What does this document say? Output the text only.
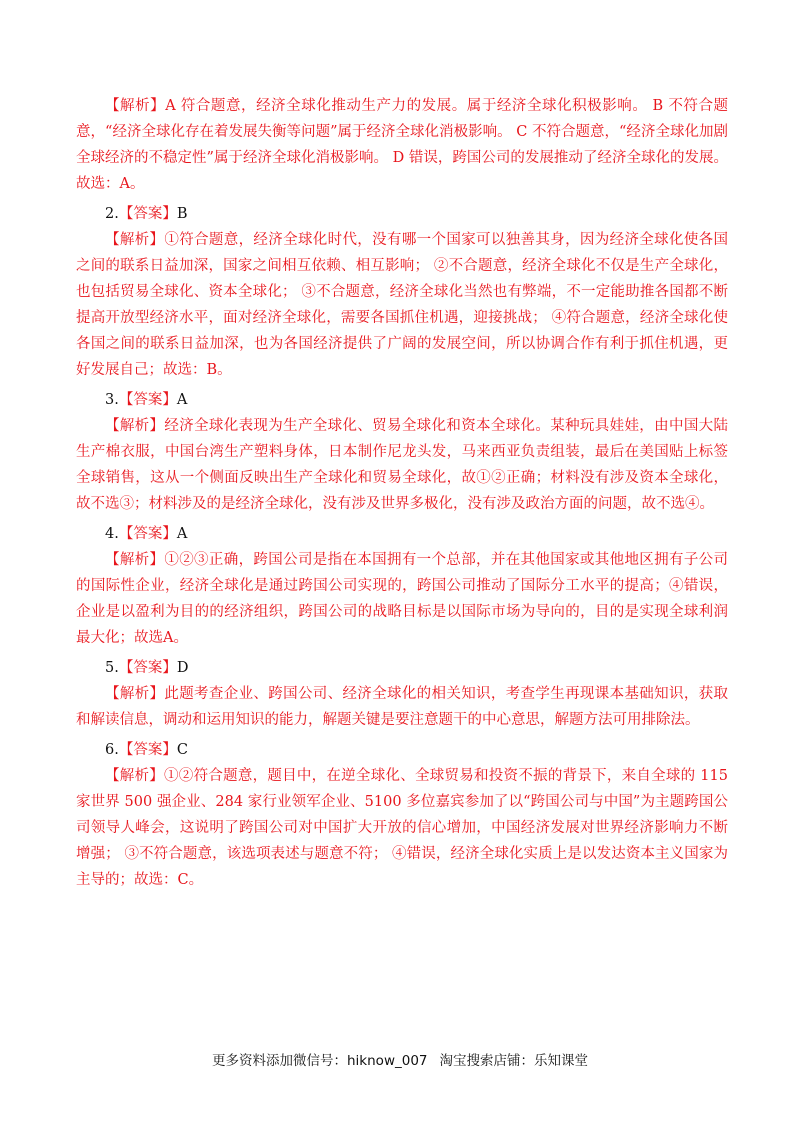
【解析】A 符合题意，经济全球化推动生产力的发展。属于经济全球化积极影响。 B 不符合题意，“经济全球化存在着发展失衡等问题”属于经济全球化消极影响。 C 不符合题意，“经济全球化加剧全球经济的不稳定性”属于经济全球化消极影响。 D 错误，跨国公司的发展推动了经济全球化的发展。 故选：A。

2.【答案】B

【解析】①符合题意，经济全球化时代，没有哪一个国家可以独善其身，因为经济全球化使各国之间的联系日益加深，国家之间相互依赖、相互影响； ②不合题意，经济全球化不仅是生产全球化，也包括贸易全球化、资本全球化； ③不合题意，经济全球化当然也有弊端，不一定能助推各国都不断提高开放型经济水平，面对经济全球化，需要各国抓住机遇，迎接挑战； ④符合题意，经济全球化使各国之间的联系日益加深，也为各国经济提供了广阔的发展空间，所以协调合作有利于抓住机遇，更好发展自己；故选：B。

3.【答案】A

【解析】经济全球化表现为生产全球化、贸易全球化和资本全球化。某种玩具娃娃，由中国大陆生产棉衣服，中国台湾生产塑料身体，日本制作尼龙头发，马来西亚负责组装，最后在美国贴上标签全球销售，这从一个侧面反映出生产全球化和贸易全球化，故①②正确；材料没有涉及资本全球化，故不选③；材料涉及的是经济全球化，没有涉及世界多极化，没有涉及政治方面的问题，故不选④。

4.【答案】A

【解析】①②③正确，跨国公司是指在本国拥有一个总部，并在其他国家或其他地区拥有子公司的国际性企业，经济全球化是通过跨国公司实现的，跨国公司推动了国际分工水平的提高；④错误，企业是以盈利为目的的经济组织，跨国公司的战略目标是以国际市场为导向的，目的是实现全球利润最大化；故选A。

5.【答案】D

【解析】此题考查企业、跨国公司、经济全球化的相关知识，考查学生再现课本基础知识，获取和解读信息，调动和运用知识的能力，解题关键是要注意题干的中心意思，解题方法可用排除法。

6.【答案】C

【解析】①②符合题意，题目中，在逆全球化、全球贸易和投资不振的背景下，来自全球的 115 家世界 500 强企业、284 家行业领军企业、5100 多位嘉宾参加了以“跨国公司与中国”为主题跨国公司领导人峰会，这说明了跨国公司对中国扩大开放的信心增加，中国经济发展对世界经济影响力不断增强； ③不符合题意，该选项表述与题意不符； ④错误，经济全球化实质上是以发达资本主义国家为主导的；故选：C。

更多资料添加微信号：hiknow_007 淘宝搜索店铺：乐知课堂
